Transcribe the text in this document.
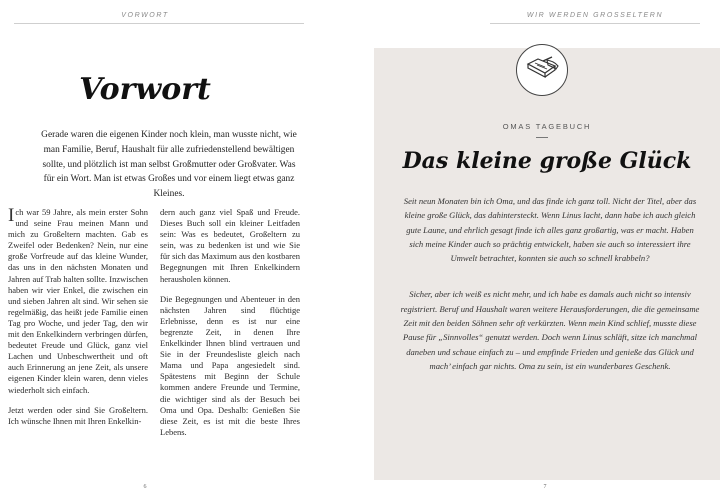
VORWORT
Vorwort
Gerade waren die eigenen Kinder noch klein, man wusste nicht, wie man Familie, Beruf, Haushalt für alle zufriedenstellend bewältigen sollte, und plötzlich ist man selbst Großmutter oder Großvater. Was für ein Wort. Man ist etwas Großes und vor einem liegt etwas ganz Kleines.

Ich war 59 Jahre, als mein erster Sohn und seine Frau meinen Mann und mich zu Großeltern machten. Gab es Zweifel oder Bedenken? Nein, nur eine große Vorfreude auf das kleine Wunder, das uns in den nächsten Monaten und Jahren auf Trab halten sollte. Inzwischen haben wir vier Enkel, die zwischen ein und sieben Jahren alt sind. Wir sehen sie regelmäßig, das heißt jede Familie einen Tag pro Woche, und jeder Tag, den wir mit den Enkelkindern verbringen dürfen, bedeutet Freude und Glück, ganz viel Lachen und Unbeschwertheit und oft auch Erinnerung an jene Zeit, als unsere eigenen Kinder klein waren, denn vieles wiederholt sich einfach.

Jetzt werden oder sind Sie Großeltern. Ich wünsche Ihnen mit Ihren Enkelkin-

dern auch ganz viel Spaß und Freude. Dieses Buch soll ein kleiner Leitfaden sein: Was es bedeutet, Großeltern zu sein, was zu bedenken ist und wie Sie für sich das Maximum aus den kostbaren Begegnungen mit Ihren Enkelkindern herausholen können.

Die Begegnungen und Abenteuer in den nächsten Jahren sind flüchtige Erlebnisse, denn es ist nur eine begrenzte Zeit, in denen Ihre Enkelkinder Ihnen blind vertrauen und Sie in der Freundesliste gleich nach Mama und Papa angesiedelt sind. Spätestens mit Beginn der Schule kommen andere Freunde und Termine, die wichtiger sind als der Besuch bei Oma und Opa. Deshalb: Genießen Sie diese Zeit, es ist mit die beste Ihres Lebens.

6
WIR WERDEN GROSSELTERN
OMAS TAGEBUCH
Das kleine große Glück

Seit neun Monaten bin ich Oma, und das finde ich ganz toll. Nicht der Titel, aber das kleine große Glück, das dahintersteckt. Wenn Linus lacht, dann habe ich auch gleich gute Laune, und ehrlich gesagt finde ich alles ganz großartig, was er macht. Haben sich meine Kinder auch so prächtig entwickelt, haben sie auch so interessiert ihre Umwelt betrachtet, konnten sie auch so schnell krabbeln?

Sicher, aber ich weiß es nicht mehr, und ich habe es damals auch nicht so intensiv registriert. Beruf und Haushalt waren weitere Herausforderungen, die die gemeinsame Zeit mit den beiden Söhnen sehr oft verkürzten. Wenn mein Kind schlief, musste diese Pause für „Sinnvolles“ genutzt werden. Doch wenn Linus schläft, sitze ich manchmal daneben und schaue einfach zu – und empfinde Frieden und genieße das Glück und mach’ einfach gar nichts. Oma zu sein, ist ein wunderbares Geschenk.

7
